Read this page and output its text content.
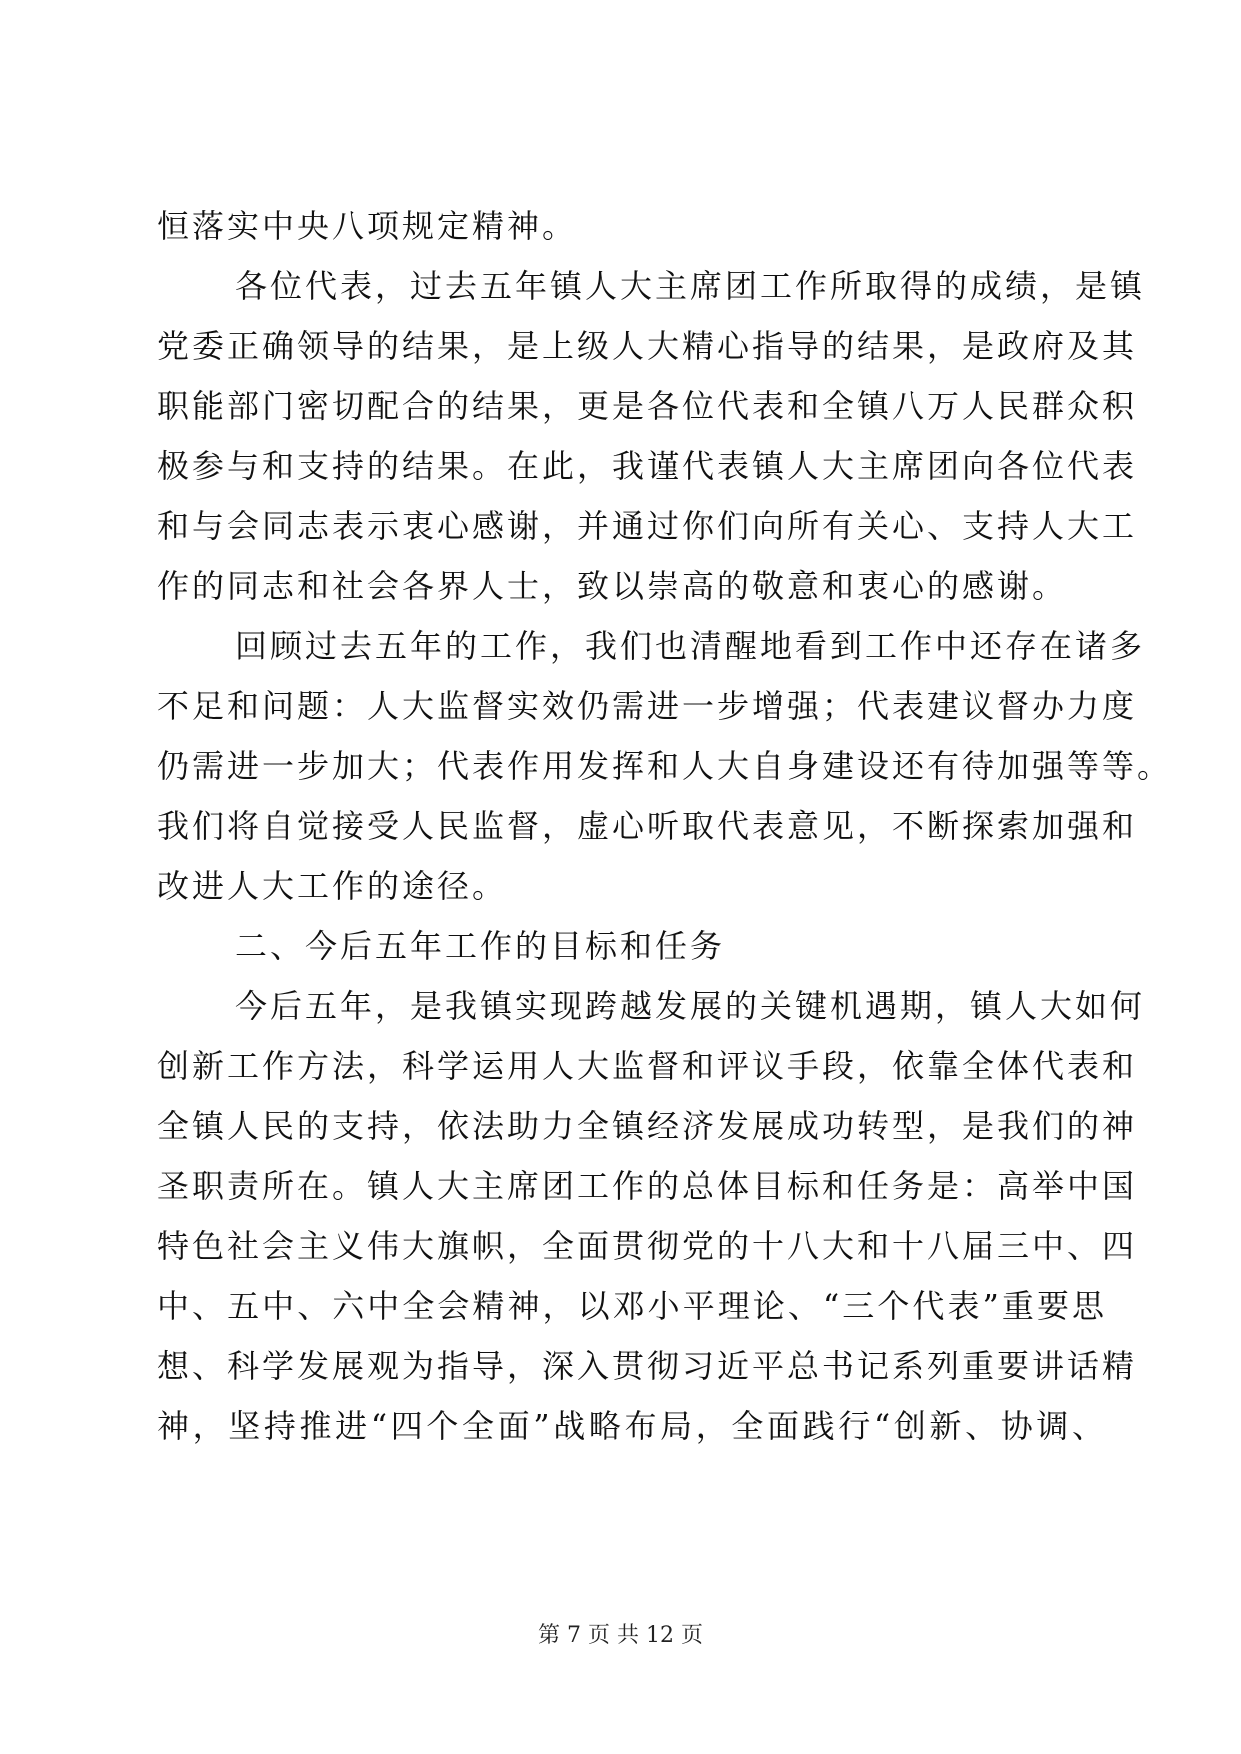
恒落实中央八项规定精神。
各位代表，过去五年镇人大主席团工作所取得的成绩，是镇
党委正确领导的结果，是上级人大精心指导的结果，是政府及其
职能部门密切配合的结果，更是各位代表和全镇八万人民群众积
极参与和支持的结果。在此，我谨代表镇人大主席团向各位代表
和与会同志表示衷心感谢，并通过你们向所有关心、支持人大工
作的同志和社会各界人士，致以崇高的敬意和衷心的感谢。
回顾过去五年的工作，我们也清醒地看到工作中还存在诸多
不足和问题：人大监督实效仍需进一步增强；代表建议督办力度
仍需进一步加大；代表作用发挥和人大自身建设还有待加强等等。
我们将自觉接受人民监督，虚心听取代表意见，不断探索加强和
改进人大工作的途径。
二、今后五年工作的目标和任务
今后五年，是我镇实现跨越发展的关键机遇期，镇人大如何
创新工作方法，科学运用人大监督和评议手段，依靠全体代表和
全镇人民的支持，依法助力全镇经济发展成功转型，是我们的神
圣职责所在。镇人大主席团工作的总体目标和任务是：高举中国
特色社会主义伟大旗帜，全面贯彻党的十八大和十八届三中、四
中、五中、六中全会精神，以邓小平理论、“三个代表”重要思
想、科学发展观为指导，深入贯彻习近平总书记系列重要讲话精
神，坚持推进“四个全面”战略布局，全面践行“创新、协调、
第 7 页 共 12 页
